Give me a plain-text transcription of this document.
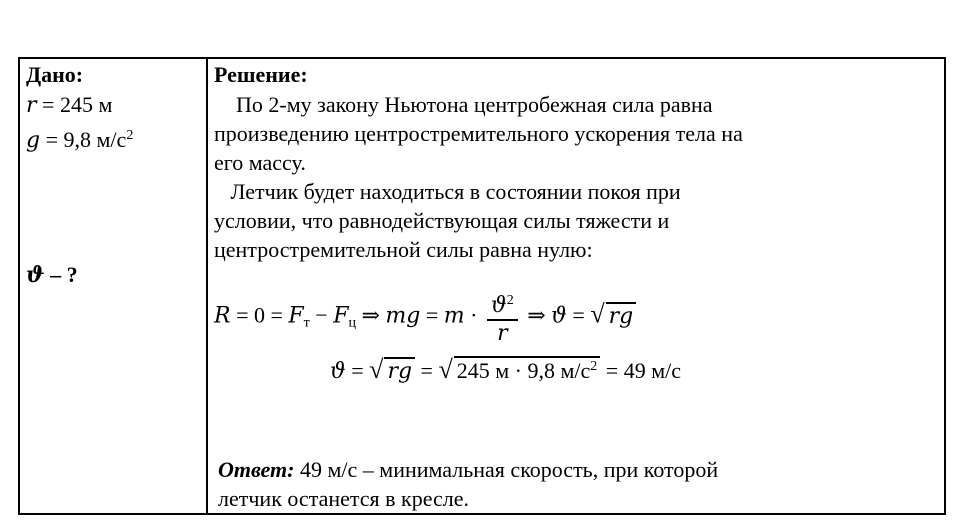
Дано:
r = 245 м
g = 9,8 $м/с^2$
ϑ – ?
Решение:
По 2-му закону Ньютона центробежная сила равна
произведению центростремительного ускорения тела на
его массу.
Летчик будет находиться в состоянии покоя при
условии, что равнодействующая силы тяжести и
центростремительной силы равна нулю:
$R = 0 = F_т - F_ц$ ⇒ mg = $m \cdot \frac{ϑ^2}{r}$ ⇒ ϑ = √ rg
ϑ = √ rg = √ 245 м · 9,8 $м/с^2 = 49$ м/с
Ответ: 49 м/с – минимальная скорость, при которой
летчик останется в кресле.
